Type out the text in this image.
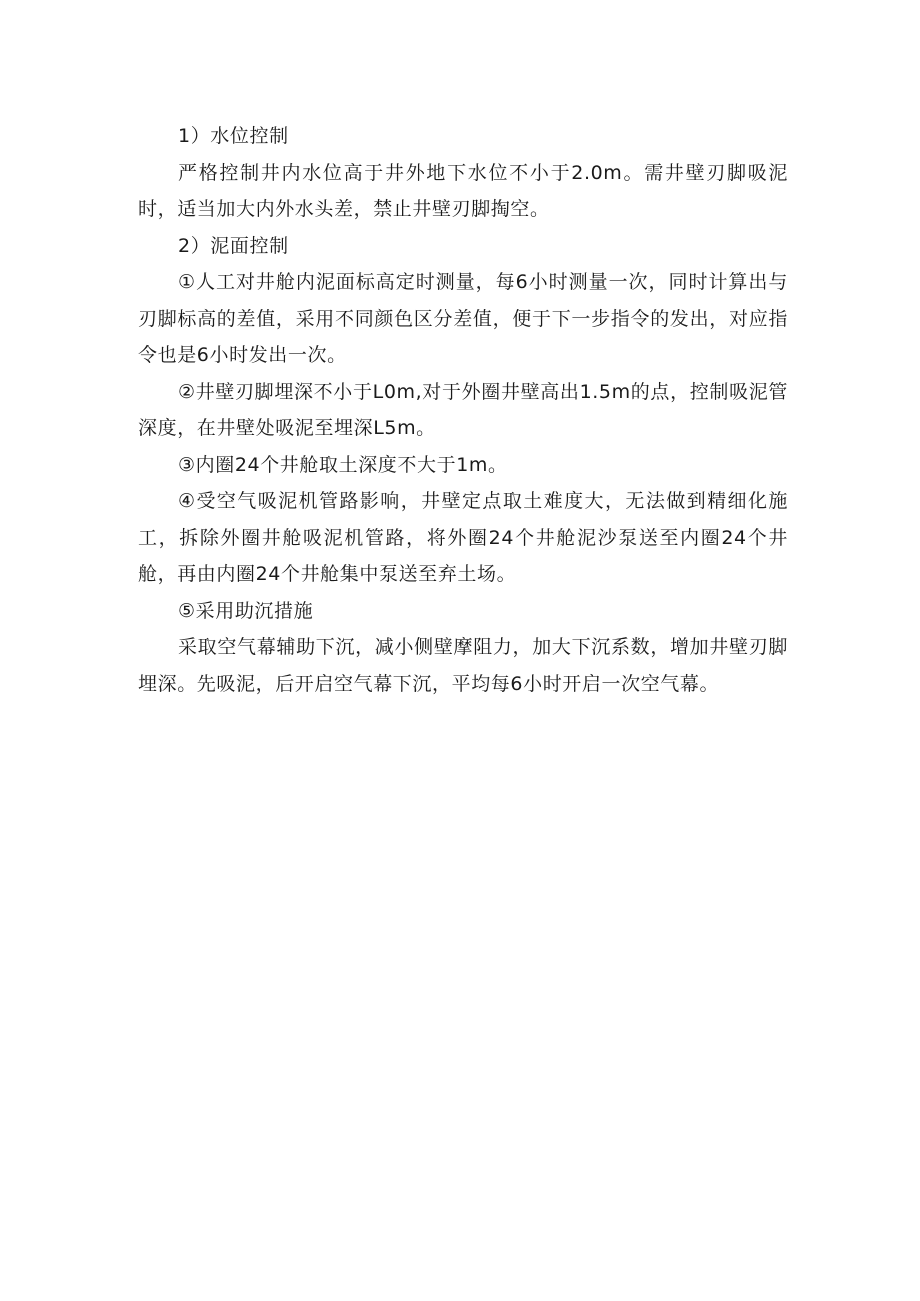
1）水位控制

严格控制井内水位高于井外地下水位不小于2.0m。需井壁刃脚吸泥时，适当加大内外水头差，禁止井壁刃脚掏空。

2）泥面控制

①人工对井舱内泥面标高定时测量，每6小时测量一次，同时计算出与刃脚标高的差值，采用不同颜色区分差值，便于下一步指令的发出，对应指令也是6小时发出一次。

②井壁刃脚埋深不小于L0m,对于外圈井壁高出1.5m的点，控制吸泥管深度，在井壁处吸泥至埋深L5m。

③内圈24个井舱取土深度不大于1m。

④受空气吸泥机管路影响，井壁定点取土难度大，无法做到精细化施工，拆除外圈井舱吸泥机管路，将外圈24个井舱泥沙泵送至内圈24个井舱，再由内圈24个井舱集中泵送至弃土场。

⑤采用助沉措施

采取空气幕辅助下沉，减小侧壁摩阻力，加大下沉系数，增加井壁刃脚埋深。先吸泥，后开启空气幕下沉，平均每6小时开启一次空气幕。
